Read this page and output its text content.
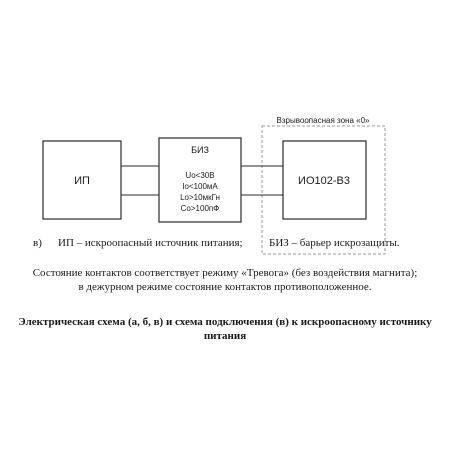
Взрывоопасная зона «0»
ИП
БИЗ
Uo<30В
Io<100мА
Lo>10мкГн
Co>100пФ
ИО102-В3
в) ИП – искроопасный источник питания; БИЗ – барьер искрозащиты.

Состояние контактов соответствует режиму «Тревога» (без воздействия магнита);

в дежурном режиме состояние контактов противоположенное.

Электрическая схема (а, б, в) и схема подключения (в) к искроопасному источнику

питания
